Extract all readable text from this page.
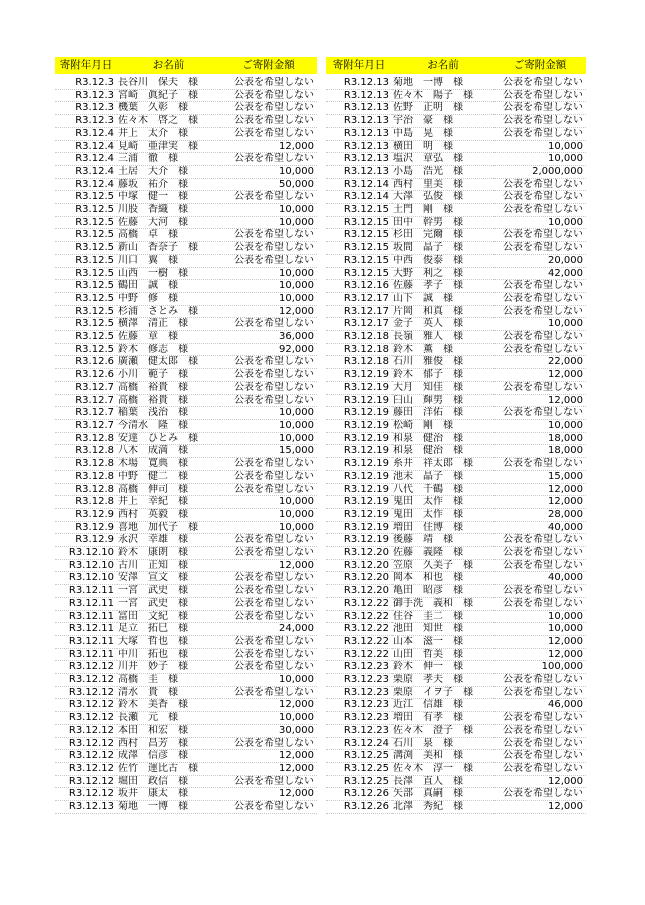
寄附年月日	お名前	ご寄附金額

R3.12.3	長谷川　保夫　様	公表を希望しない
R3.12.3	宮崎　眞紀子　様	公表を希望しない
R3.12.3	機葉　久彰　様	公表を希望しない
R3.12.3	佐々木　啓之　様	公表を希望しない
R3.12.4	井上　太介　様	公表を希望しない
R3.12.4	見崎　亜津実　様	12,000
R3.12.4	三浦　徹　様	公表を希望しない
R3.12.4	土居　大介　様	10,000
R3.12.4	藤坂　祐介　様	50,000
R3.12.5	中塚　健一　様	公表を希望しない
R3.12.5	川股　香織　様	10,000
R3.12.5	佐藤　大河　様	10,000
R3.12.5	高橋　卓　様	公表を希望しない
R3.12.5	新山　香奈子　様	公表を希望しない
R3.12.5	川口　翼　様	公表を希望しない
R3.12.5	山西　一樹　様	10,000
R3.12.5	鶴田　誠　様	10,000
R3.12.5	中野　修　様	10,000
R3.12.5	杉浦　さとみ　様	12,000
R3.12.5	横澤　清正　様	公表を希望しない
R3.12.5	佐藤　章　様	36,000
R3.12.5	鈴木　修志　様	92,000
R3.12.6	廣瀬　健太郎　様	公表を希望しない
R3.12.6	小川　範子　様	公表を希望しない
R3.12.7	高橋　裕貴　様	公表を希望しない
R3.12.7	高橋　裕貴　様	公表を希望しない
R3.12.7	稲葉　浅治　様	10,000
R3.12.7	今清水　隆　様	10,000
R3.12.8	安達　ひとみ　様	10,000
R3.12.8	八木　成満　様	15,000
R3.12.8	木場　寛典　様	公表を希望しない
R3.12.8	中野　健二　様	公表を希望しない
R3.12.8	高橋　伸司　様	公表を希望しない
R3.12.8	井上　幸紀　様	10,000
R3.12.9	西村　英毅　様	10,000
R3.12.9	喜地　加代子　様	10,000
R3.12.9	永沢　幸雄　様	公表を希望しない
R3.12.10	鈴木　康朗　様	公表を希望しない
R3.12.10	古川　正知　様	12,000
R3.12.10	安澤　宣文　様	公表を希望しない
R3.12.11	一宮　武史　様	公表を希望しない
R3.12.11	一宮　武史　様	公表を希望しない
R3.12.11	冨田　文紀　様	公表を希望しない
R3.12.11	足立　拓巳　様	24,000
R3.12.11	大塚　哲也　様	公表を希望しない
R3.12.11	中川　拓也　様	公表を希望しない
R3.12.12	川井　妙子　様	公表を希望しない
R3.12.12	高橋　圭　様	10,000
R3.12.12	清水　貴　様	公表を希望しない
R3.12.12	鈴木　美香　様	12,000
R3.12.12	長瀬　元　様	10,000
R3.12.12	本田　和宏　様	30,000
R3.12.12	西村　昌芳　様	公表を希望しない
R3.12.12	成澤　信彦　様	12,000
R3.12.12	佐竹　運比古　様	12,000
R3.12.12	堀田　政信　様	公表を希望しない
R3.12.12	坂井　康太　様	12,000
R3.12.13	菊地　一博　様	公表を希望しない
寄附年月日	お名前	ご寄附金額

R3.12.13	菊地　一博　様	公表を希望しない
R3.12.13	佐々木　陽子　様	公表を希望しない
R3.12.13	佐野　正明　様	公表を希望しない
R3.12.13	宇治　豪　様	公表を希望しない
R3.12.13	中島　晃　様	公表を希望しない
R3.12.13	横田　明　様	10,000
R3.12.13	塩沢　章弘　様	10,000
R3.12.13	小島　浩光　様	2,000,000
R3.12.14	西村　里美　様	公表を希望しない
R3.12.14	大澤　弘俊　様	公表を希望しない
R3.12.15	土門　剛　様	公表を希望しない
R3.12.15	田中　幹男　様	10,000
R3.12.15	杉田　完爾　様	公表を希望しない
R3.12.15	坂間　晶子　様	公表を希望しない
R3.12.15	中西　俊泰　様	20,000
R3.12.15	大野　利之　様	42,000
R3.12.16	佐藤　孝子　様	公表を希望しない
R3.12.17	山下　誠　様	公表を希望しない
R3.12.17	片岡　和真　様	公表を希望しない
R3.12.17	金子　英人　様	10,000
R3.12.18	長嶺　雅人　様	公表を希望しない
R3.12.18	鈴木　薫　様	公表を希望しない
R3.12.18	石川　雅俊　様	22,000
R3.12.19	鈴木　郁子　様	12,000
R3.12.19	大月　知佳　様	公表を希望しない
R3.12.19	臼山　輝男　様	12,000
R3.12.19	藤田　洋佑　様	公表を希望しない
R3.12.19	松崎　剛　様	10,000
R3.12.19	和泉　健治　様	18,000
R3.12.19	和泉　健治　様	18,000
R3.12.19	糸井　祥太郎　様	公表を希望しない
R3.12.19	池末　晶子　様	15,000
R3.12.19	八代　千鶴　様	12,000
R3.12.19	鬼田　太作　様	12,000
R3.12.19	鬼田　太作　様	28,000
R3.12.19	増田　住博　様	40,000
R3.12.19	後藤　靖　様	公表を希望しない
R3.12.20	佐藤　義隆　様	公表を希望しない
R3.12.20	笠原　久美子　様	公表を希望しない
R3.12.20	岡本　和也　様	40,000
R3.12.20	亀田　昭彦　様	公表を希望しない
R3.12.22	御手洗　義和　様	公表を希望しない
R3.12.22	住谷　圭二　様	10,000
R3.12.22	池田　知世　様	10,000
R3.12.22	山本　滋一　様	12,000
R3.12.22	山田　哲美　様	12,000
R3.12.23	鈴木　伸一　様	100,000
R3.12.23	栗原　孝夫　様	公表を希望しない
R3.12.23	栗原　イヲ子　様	公表を希望しない
R3.12.23	近江　信雄　様	46,000
R3.12.23	増田　有孝　様	公表を希望しない
R3.12.23	佐々木　澄子　様	公表を希望しない
R3.12.24	石川　泉　様	公表を希望しない
R3.12.25	溝渕　美和　様	公表を希望しない
R3.12.25	佐々木　淳一　様	公表を希望しない
R3.12.25	長澤　直人　様	12,000
R3.12.26	矢部　真嗣　様	公表を希望しない
R3.12.26	北澤　秀紀　様	12,000
